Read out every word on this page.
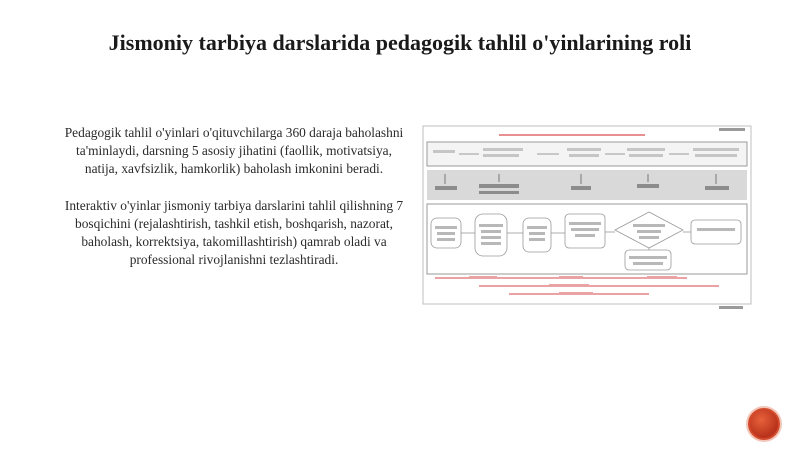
Jismoniy tarbiya darslarida pedagogik tahlil o'yinlarining roli

Pedagogik tahlil o'yinlari o'qituvchilarga 360 daraja baholashni ta'minlaydi, darsning 5 asosiy jihatini (faollik, motivatsiya, natija, xavfsizlik, hamkorlik) baholash imkonini beradi.

Interaktiv o'yinlar jismoniy tarbiya darslarini tahlil qilishning 7 bosqichini (rejalashtirish, tashkil etish, boshqarish, nazorat, baholash, korrektsiya, takomillashtirish) qamrab oladi va professional rivojlanishni tezlashtiradi.
